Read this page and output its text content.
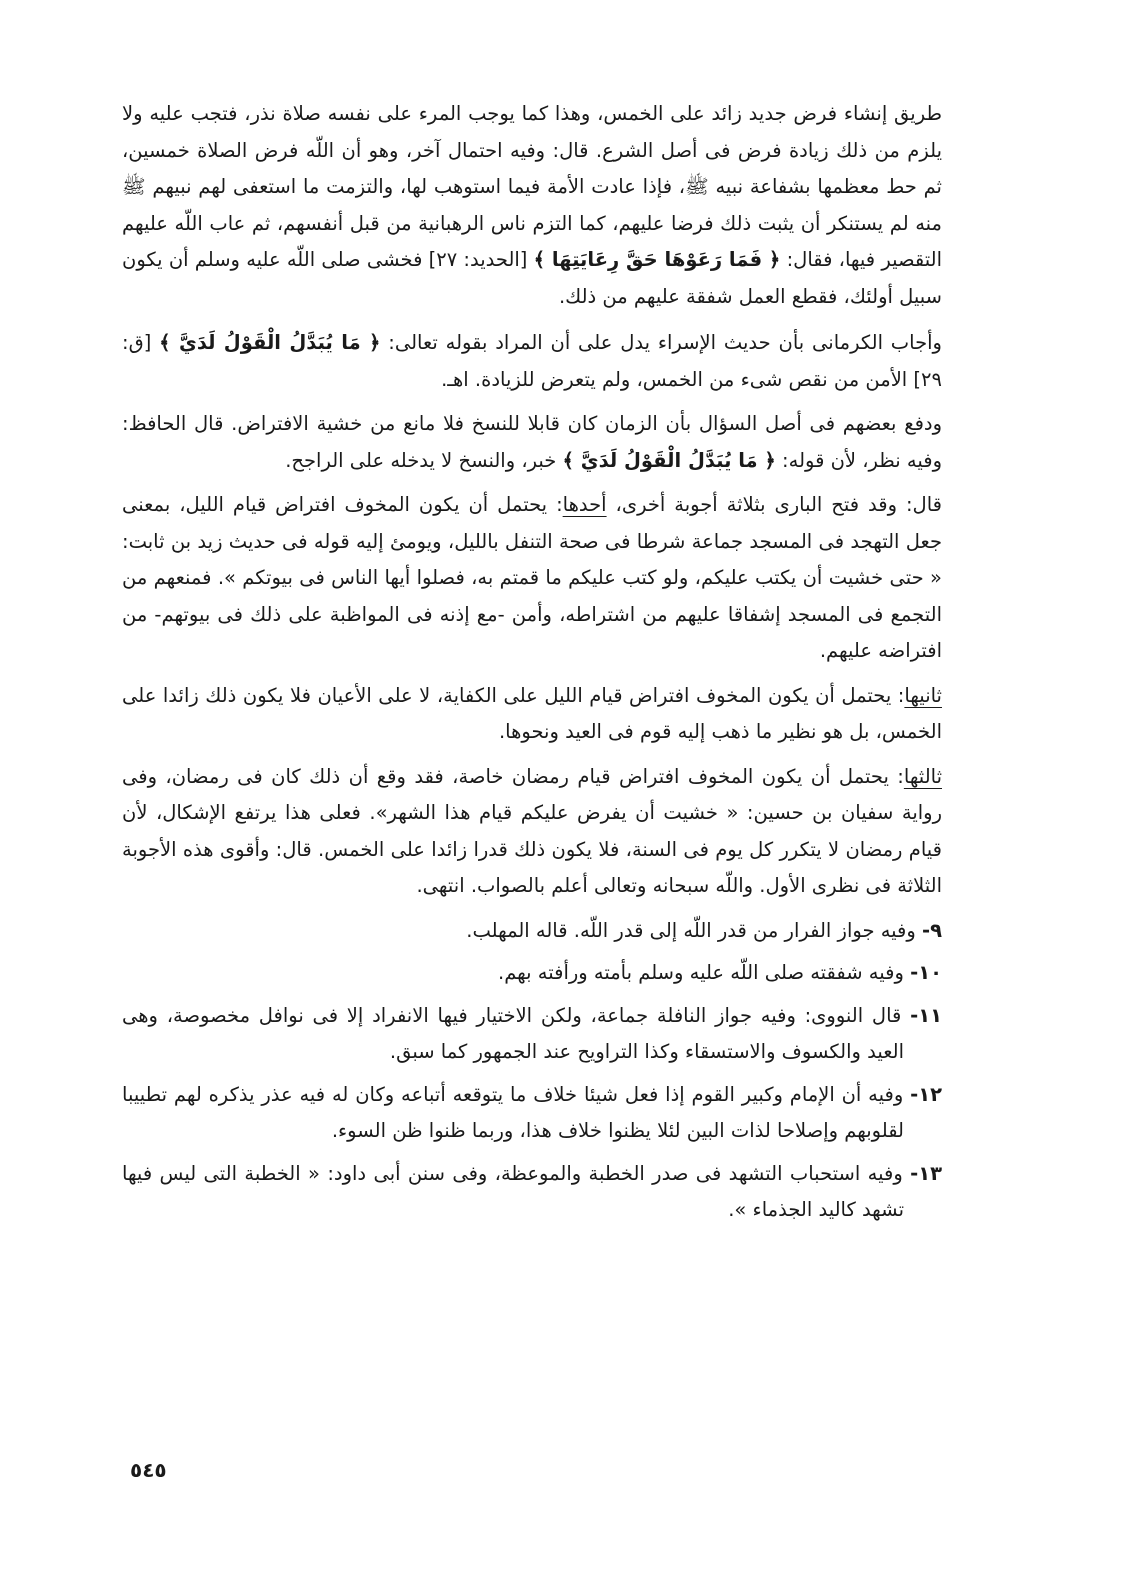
طريق إنشاء فرض جديد زائد على الخمس، وهذا كما يوجب المرء على نفسه صلاة نذر، فتجب عليه ولا يلزم من ذلك زيادة فرض فى أصل الشرع. قال: وفيه احتمال آخر، وهو أن اللّه فرض الصلاة خمسين، ثم حط معظمها بشفاعة نبيه ﷺ، فإذا عادت الأمة فيما استوهب لها، والتزمت ما استعفى لهم نبيهم ﷺ منه لم يستنكر أن يثبت ذلك فرضا عليهم، كما التزم ناس الرهبانية من قبل أنفسهم، ثم عاب اللّه عليهم التقصير فيها، فقال: ﴿ فَمَا رَعَوْهَا حَقَّ رِعَايَتِهَا ﴾ [الحديد: ٢٧] فخشى صلى اللّه عليه وسلم أن يكون سبيل أولئك، فقطع العمل شفقة عليهم من ذلك.

وأجاب الكرمانى بأن حديث الإسراء يدل على أن المراد بقوله تعالى: ﴿ مَا يُبَدَّلُ الْقَوْلُ لَدَيَّ ﴾ [ق: ٢٩] الأمن من نقص شىء من الخمس، ولم يتعرض للزيادة. اهـ.

ودفع بعضهم فى أصل السؤال بأن الزمان كان قابلا للنسخ فلا مانع من خشية الافتراض. قال الحافظ: وفيه نظر، لأن قوله: ﴿ مَا يُبَدَّلُ الْقَوْلُ لَدَيَّ ﴾ خبر، والنسخ لا يدخله على الراجح.

قال: وقد فتح البارى بثلاثة أجوبة أخرى، أحدها: يحتمل أن يكون المخوف افتراض قيام الليل، بمعنى جعل التهجد فى المسجد جماعة شرطا فى صحة التنفل بالليل، ويومئ إليه قوله فى حديث زيد بن ثابت: « حتى خشيت أن يكتب عليكم، ولو كتب عليكم ما قمتم به، فصلوا أيها الناس فى بيوتكم ». فمنعهم من التجمع فى المسجد إشفاقا عليهم من اشتراطه، وأمن -مع إذنه فى المواظبة على ذلك فى بيوتهم- من افتراضه عليهم.

ثانيها: يحتمل أن يكون المخوف افتراض قيام الليل على الكفاية، لا على الأعيان فلا يكون ذلك زائدا على الخمس، بل هو نظير ما ذهب إليه قوم فى العيد ونحوها.

ثالثها: يحتمل أن يكون المخوف افتراض قيام رمضان خاصة، فقد وقع أن ذلك كان فى رمضان، وفى رواية سفيان بن حسين: « خشيت أن يفرض عليكم قيام هذا الشهر». فعلى هذا يرتفع الإشكال، لأن قيام رمضان لا يتكرر كل يوم فى السنة، فلا يكون ذلك قدرا زائدا على الخمس. قال: وأقوى هذه الأجوبة الثلاثة فى نظرى الأول. واللّه سبحانه وتعالى أعلم بالصواب. انتهى.

٩- وفيه جواز الفرار من قدر اللّه إلى قدر اللّه. قاله المهلب.

١٠- وفيه شفقته صلى اللّه عليه وسلم بأمته ورأفته بهم.

١١- قال النووى: وفيه جواز النافلة جماعة، ولكن الاختيار فيها الانفراد إلا فى نوافل مخصوصة، وهى العيد والكسوف والاستسقاء وكذا التراويح عند الجمهور كما سبق.

١٢- وفيه أن الإمام وكبير القوم إذا فعل شيئا خلاف ما يتوقعه أتباعه وكان له فيه عذر يذكره لهم تطييبا لقلوبهم وإصلاحا لذات البين لئلا يظنوا خلاف هذا، وربما ظنوا ظن السوء.

١٣- وفيه استحباب التشهد فى صدر الخطبة والموعظة، وفى سنن أبى داود: « الخطبة التى ليس فيها تشهد كاليد الجذماء ».

٥٤٥
